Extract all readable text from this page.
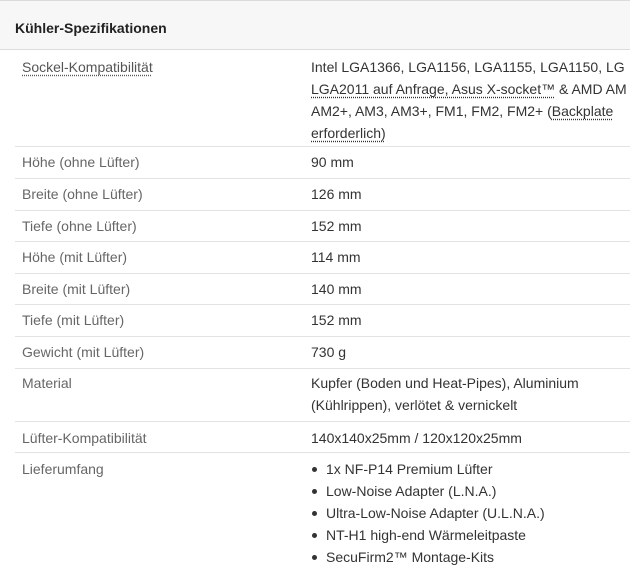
Kühler-Spezifikationen
Sockel-Kompatibilität	Intel LGA1366, LGA1156, LGA1155, LGA1150, LG
LGA2011 auf Anfrage, Asus X-socket™ & AMD AM
AM2+, AM3, AM3+, FM1, FM2, FM2+ (Backplate
erforderlich)
Höhe (ohne Lüfter)	90 mm
Breite (ohne Lüfter)	126 mm
Tiefe (ohne Lüfter)	152 mm
Höhe (mit Lüfter)	114 mm
Breite (mit Lüfter)	140 mm
Tiefe (mit Lüfter)	152 mm
Gewicht (mit Lüfter)	730 g
Material	Kupfer (Boden und Heat-Pipes), Aluminium
(Kühlrippen), verlötet & vernickelt
Lüfter-Kompatibilität	140x140x25mm / 120x120x25mm
Lieferumfang	1x NF-P14 Premium Lüfter
Low-Noise Adapter (L.N.A.)
Ultra-Low-Noise Adapter (U.L.N.A.)
NT-H1 high-end Wärmeleitpaste
SecuFirm2™ Montage-Kits
